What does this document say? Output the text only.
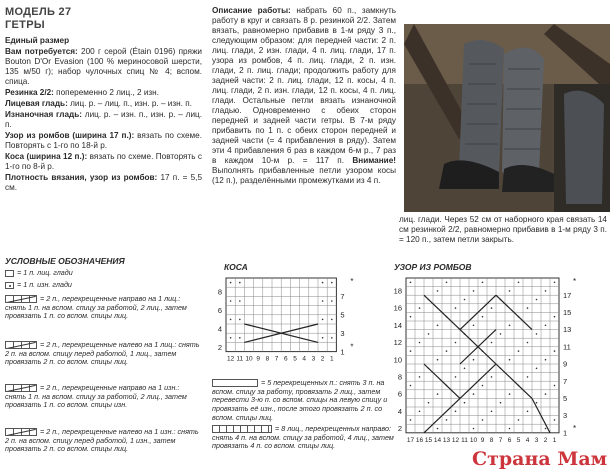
МОДЕЛЬ 27
ГЕТРЫ

Единый размер

Вам потребуется: 200 г серой (Étain 0196) пряжи Bouton D'Or Evasion (100 % мериносовой шерсти, 135 м/50 г); набор чулочных спиц № 4; вспом. спица.

Резинка 2/2: попеременно 2 лиц., 2 изн.

Лицевая гладь: лиц. р. – лиц. п., изн. р. – изн. п.

Изнаночная гладь: лиц. р. – изн. п., изн. р. – лиц. п.

Узор из ромбов (ширина 17 п.): вязать по схеме. Повторять с 1-го по 18-й р.

Коса (ширина 12 п.): вязать по схеме. Повторять с 1-го по 8-й р.

Плотность вязания, узор из ромбов: 17 п. = 5,5 см.

Описание работы: набрать 60 п., замкнуть работу в круг и связать 8 р. резинкой 2/2. Затем вязать, равномерно прибавив в 1-м ряду 3 п., следующим образом: для передней части: 2 п. лиц. глади, 2 изн. глади, 4 п. лиц. глади, 17 п. узора из ромбов, 4 п. лиц. глади, 2 п. изн. глади, 2 п. лиц. глади; продолжить работу для задней части: 2 п. лиц. глади, 12 п. косы, 4 п. лиц. глади, 2 п. изн. глади, 12 п. косы, 4 п. лиц. глади. Остальные петли вязать изнаночной гладью. Одновременно с обеих сторон передней и задней части гетры. В 7-м ряду прибавить по 1 п. с обеих сторон передней и задней части (= 4 прибавления в ряду). Затем эти 4 прибавления 6 раз в каждом 6-м р., 7 раз в каждом 10-м р. = 117 п. Внимание! Выполнять прибавленные петли узором косы (12 п.), разделёнными промежутками из 4 п.

лиц. глади. Через 52 см от наборного края связать 14 см резинкой 2/2, равномерно прибавив в 1-м ряду 3 п. = 120 п., затем петли закрыть.

УСЛОВНЫЕ ОБОЗНАЧЕНИЯ
= 1 п. лиц. глади
= 1 п. изн. глади
= 2 п., перекрещенные направо на 1 лиц.: снять 1 п. на вспом. спицу за работой, 2 лиц., затем провязать 1 п. со вспом. спицы лиц.
= 2 п., перекрещенные налево на 1 лиц.: снять 2 п. на вспом. спицу перед работой, 1 лиц., затем провязать 2 п. со вспом. спицы лиц.
= 2 п., перекрещенные направо на 1 изн.: снять 1 п. на вспом. спицу за работой, 2 лиц., затем провязать 1 п. со вспом. спицы изн.
= 2 п., перекрещенные налево на 1 изн.: снять 2 п. на вспом. спицу перед работой, 1 изн., затем провязать 2 п. со вспом. спицы лиц.
КОСА
8
6
4
2
7
5
3
1
12 11 10 9 8 7 6 5 4 3 2 1
*
*
УЗОР ИЗ РОМБОВ
18
16
14
12
10
8
6
4
2
17
15
13
11
9
7
5
3
1
17 16 15 14 13 12 11 10 9 8 7 6 5 4 3 2 1
*
*

= 5 перекрещенных п.: снять 3 п. на вспом. спицу за работу, провязать 2 лиц., затем перевести 3-ю п. со вспом. спицы на левую спицу и провязать её изн., после этого провязать 2 п. со вспом. спицы лиц.

= 8 лиц., перекрещенных направо: снять 4 п. на вспом. спицу за работой, 4 лиц., затем провязать 4 п. со вспом. спицы лиц.

Страна Мам
